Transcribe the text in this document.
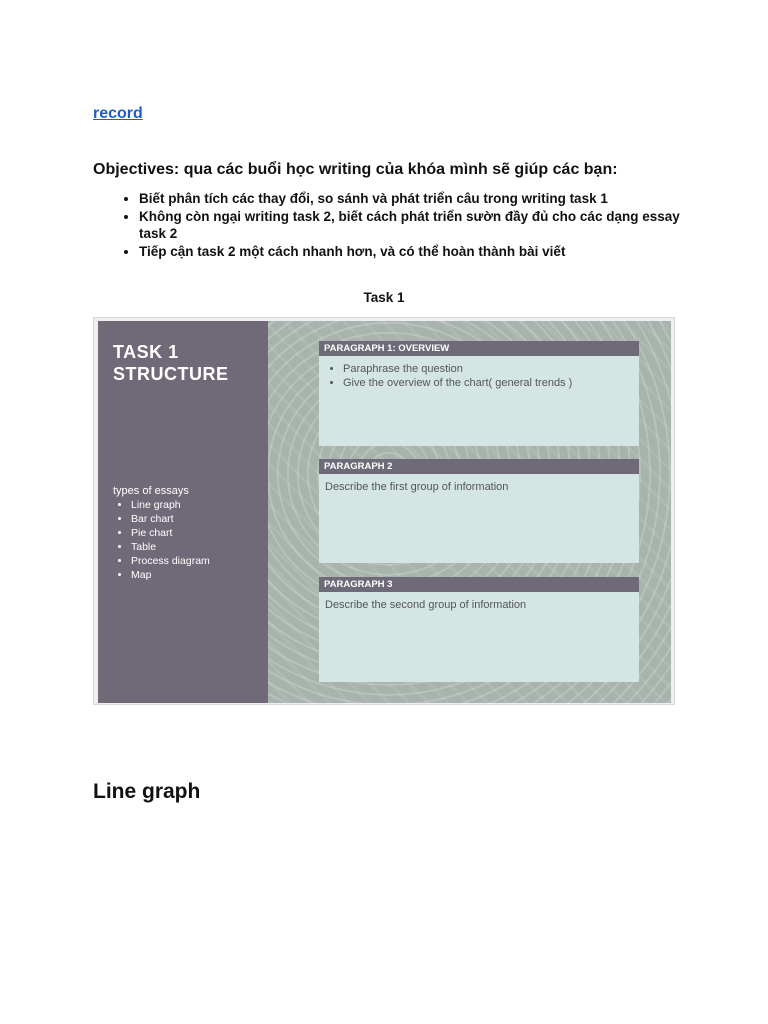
record

Objectives: qua các buổi học writing của khóa mình sẽ giúp các bạn:

• Biết phân tích các thay đổi, so sánh và phát triển câu trong writing task 1
• Không còn ngại writing task 2, biết cách phát triển sườn đầy đủ cho các dạng essay task 2
• Tiếp cận task 2 một cách nhanh hơn, và có thể hoàn thành bài viết
Task 1
TASK 1
STRUCTURE
types of essays
• Line graph
• Bar chart
• Pie chart
• Table
• Process diagram
• Map
PARAGRAPH 1: OVERVIEW
• Paraphrase the question
• Give the overview of the chart( general trends )
PARAGRAPH 2
Describe the first group of information
PARAGRAPH 3
Describe the second group of information
Line graph
